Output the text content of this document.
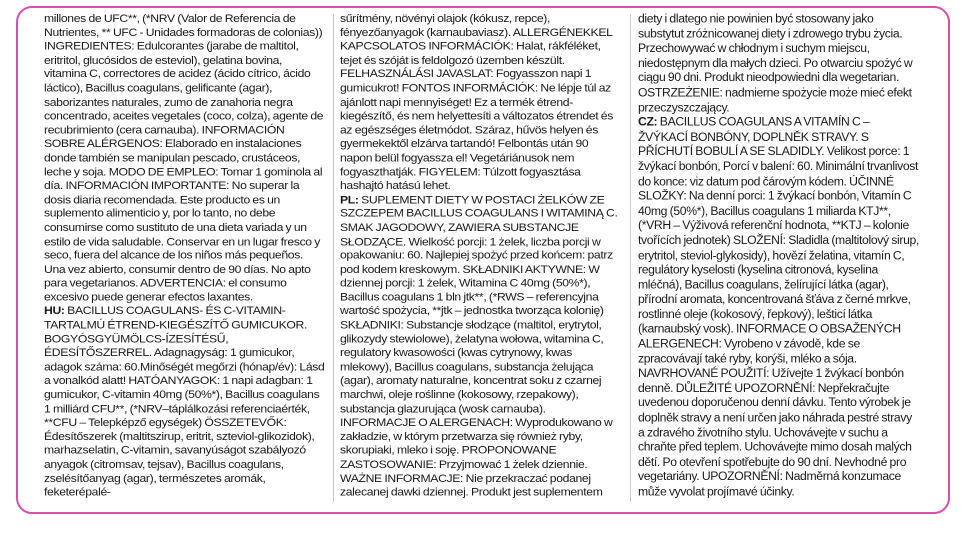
millones de UFC**, (*NRV (Valor de Referencia de Nutrientes, ** UFC - Unidades formadoras de colonias)) INGREDIENTES: Edulcorantes (jarabe de maltitol, eritritol, glucósidos de esteviol), gelatina bovina, vitamina C, correctores de acidez (ácido cítrico, ácido láctico), Bacillus coagulans, gelificante (agar), saborizantes naturales, zumo de zanahoria negra concentrado, aceites vegetales (coco, colza), agente de recubrimiento (cera carnauba). INFORMACIÓN SOBRE ALÉRGENOS: Elaborado en instalaciones donde también se manipulan pescado, crustáceos, leche y soja. MODO DE EMPLEO: Tomar 1 gominola al día. INFORMACIÓN IMPORTANTE: No superar la dosis diaria recomendada. Este producto es un suplemento alimenticio y, por lo tanto, no debe consumirse como sustituto de una dieta variada y un estilo de vida saludable. Conservar en un lugar fresco y seco, fuera del alcance de los niños más pequeños. Una vez abierto, consumir dentro de 90 días. No apto para vegetarianos. ADVERTENCIA: el consumo excesivo puede generar efectos laxantes.

HU: BACILLUS COAGULANS- ÉS C-VITAMIN-TARTALMÚ ÉTREND-KIEGÉSZÍTŐ GUMICUKOR. BOGYÓSGYÜMÖLCS-ÍZESÍTÉSŰ, ÉDESÍTŐSZERREL. Adagnagyság: 1 gumicukor, adagok száma: 60.Minőségét megőrzi (hónap/év): Lásd a vonalkód alatt! HATÓANYAGOK: 1 napi adagban: 1 gumicukor, C-vitamin 40mg (50%*), Bacillus coagulans 1 milliárd CFU**, (*NRV–táplálkozási referenciaérték, **CFU – Telepképző egységek) ÖSSZETEVŐK: Édesítőszerek (maltitszirup, eritrit, szteviol-glikozidok), marhazselatin, C-vitamin, savanyúságot szabályozó anyagok (citromsav, tejsav), Bacillus coagulans, zselésítőanyag (agar), természetes aromák, feketerépalé-

sűrítmény, növényi olajok (kókusz, repce), fényezőanyagok (karnaubaviasz). ALLERGÉNEKKEL KAPCSOLATOS INFORMÁCIÓK: Halat, rákféléket, tejet és szóját is feldolgozó üzemben készült. FELHASZNÁLÁSI JAVASLAT: Fogyasszon napi 1 gumicukrot! FONTOS INFORMÁCIÓK: Ne lépje túl az ajánlott napi mennyiséget! Ez a termék étrend-kiegészítő, és nem helyettesíti a változatos étrendet és az egészséges életmódot. Száraz, hűvös helyen és gyermekektől elzárva tartandó! Felbontás után 90 napon belül fogyassza el! Vegetáriánusok nem fogyaszthatják. FIGYELEM: Túlzott fogyasztása hashajtó hatású lehet.

PL: SUPLEMENT DIETY W POSTACI ŻELKÓW ZE SZCZEPEM BACILLUS COAGULANS I WITAMINĄ C. SMAK JAGODOWY, ZAWIERA SUBSTANCJE SŁODZĄCE. Wielkość porcji: 1 żelek, liczba porcji w opakowaniu: 60. Najlepiej spożyć przed końcem: patrz pod kodem kreskowym. SKŁADNIKI AKTYWNE: W dziennej porcji: 1 żelek, Witamina C 40mg (50%*), Bacillus coagulans 1 bln jtk**, (*RWS – referencyjna wartość spożycia, **jtk – jednostka tworząca kolonię) SKŁADNIKI: Substancje słodzące (maltitol, erytrytol, glikozydy stewiolowe), żelatyna wołowa, witamina C, regulatory kwasowości (kwas cytrynowy, kwas mlekowy), Bacillus coagulans, substancja żelująca (agar), aromaty naturalne, koncentrat soku z czarnej marchwi, oleje roślinne (kokosowy, rzepakowy), substancja glazurująca (wosk carnauba). INFORMACJE O ALERGENACH: Wyprodukowano w zakładzie, w którym przetwarza się również ryby, skorupiaki, mleko i soję. PROPONOWANE ZASTOSOWANIE: Przyjmować 1 żelek dziennie. WAŻNE INFORMACJE: Nie przekraczać podanej zalecanej dawki dziennej. Produkt jest suplementem

diety i dlatego nie powinien być stosowany jako substytut zróżnicowanej diety i zdrowego trybu życia. Przechowywać w chłodnym i suchym miejscu, niedostępnym dla małych dzieci. Po otwarciu spożyć w ciągu 90 dni. Produkt nieodpowiedni dla wegetarian. OSTRZEŻENIE: nadmierne spożycie może mieć efekt przeczyszczający.

CZ: BACILLUS COAGULANS A VITAMÍN C – ŽVÝKACÍ BONBÓNY, DOPLNĚK STRAVY. S PŘÍCHUTÍ BOBULÍ A SE SLADIDLY. Velikost porce: 1 žvýkací bonbón, Porcí v balení: 60. Minimální trvanlivost do konce: viz datum pod čárovým kódem. ÚČINNÉ SLOŽKY: Na denní porci: 1 žvýkací bonbón, Vitamín C 40mg (50%*), Bacillus coagulans 1 miliarda KTJ**, (*VRH – Výživová referenční hodnota, **KTJ – kolonie tvořících jednotek) SLOŽENÍ: Sladidla (maltitolový sirup, erytritol, steviol-glykosidy), hovězí želatina, vitamín C, regulátory kyselosti (kyselina citronová, kyselina mléčná), Bacillus coagulans, želírující látka (agar), přírodní aromata, koncentrovaná šťáva z černé mrkve, rostlinné oleje (kokosový, řepkový), lešticí látka (karnaubský vosk). INFORMACE O OBSAŽENÝCH ALERGENECH: Vyrobeno v závodě, kde se zpracovávají také ryby, korýši, mléko a sója. NAVRHOVANÉ POUŽITÍ: Užívejte 1 žvýkací bonbón denně. DŮLEŽITÉ UPOZORNĚNÍ: Nepřekračujte uvedenou doporučenou denní dávku. Tento výrobek je doplněk stravy a není určen jako náhrada pestré stravy a zdravého životního stylu. Uchovávejte v suchu a chraňte před teplem. Uchovávejte mimo dosah malých dětí. Po otevření spotřebujte do 90 dní. Nevhodné pro vegetariány. UPOZORNĚNÍ: Nadměrná konzumace může vyvolat projímavé účinky.
